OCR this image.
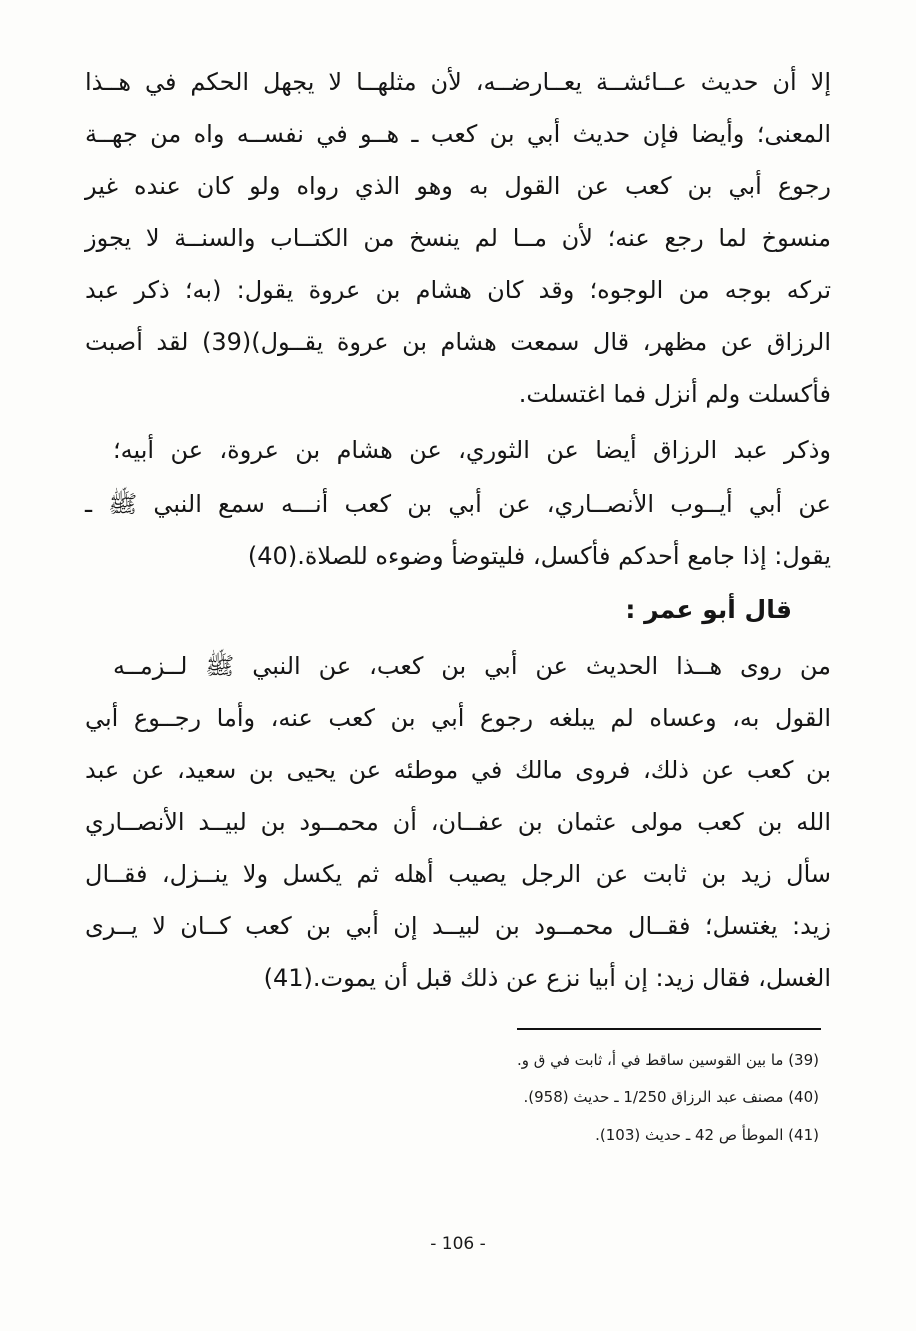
إلا أن حديث عــائشــة يعــارضــه، لأن مثلهــا لا يجهل الحكم في هــذا
المعنى؛ وأيضا فإن حديث أبي بن كعب ـ هــو في نفســه واه من جهــة
رجوع أبي بن كعب عن القول به وهو الذي رواه ولو كان عنده غير
منسوخ لما رجع عنه؛ لأن مــا لم ينسخ من الكتــاب والسنــة لا يجوز
تركه بوجه من الوجوه؛ وقد كان هشام بن عروة يقول: (به؛ ذكر عبد
الرزاق عن مظهر، قال سمعت هشام بن عروة يقــول)(39) لقد أصبت
فأكسلت ولم أنزل فما اغتسلت.
وذكر عبد الرزاق أيضا عن الثوري، عن هشام بن عروة، عن أبيه؛
عن أبي أيــوب الأنصــاري، عن أبي بن كعب أنـــه سمع النبي ﷺ ـ
يقول: إذا جامع أحدكم فأكسل، فليتوضأ وضوءه للصلاة.(40)
قال أبو عمر :
من روى هــذا الحديث عن أبي بن كعب، عن النبي ﷺ لــزمــه
القول به، وعساه لم يبلغه رجوع أبي بن كعب عنه، وأما رجــوع أبي
بن كعب عن ذلك، فروى مالك في موطئه عن يحيى بن سعيد، عن عبد
الله بن كعب مولى عثمان بن عفــان، أن محمــود بن لبيــد الأنصــاري
سأل زيد بن ثابت عن الرجل يصيب أهله ثم يكسل ولا ينــزل، فقــال
زيد: يغتسل؛ فقــال محمــود بن لبيــد إن أبي بن كعب كــان لا يــرى
الغسل، فقال زيد: إن أبيا نزع عن ذلك قبل أن يموت.(41)
(39) ما بين القوسين ساقط في أ، ثابت في ق و.
(40) مصنف عبد الرزاق 1/250 ـ حديث (958).
(41) الموطأ ص 42 ـ حديث (103).
- 106 -
